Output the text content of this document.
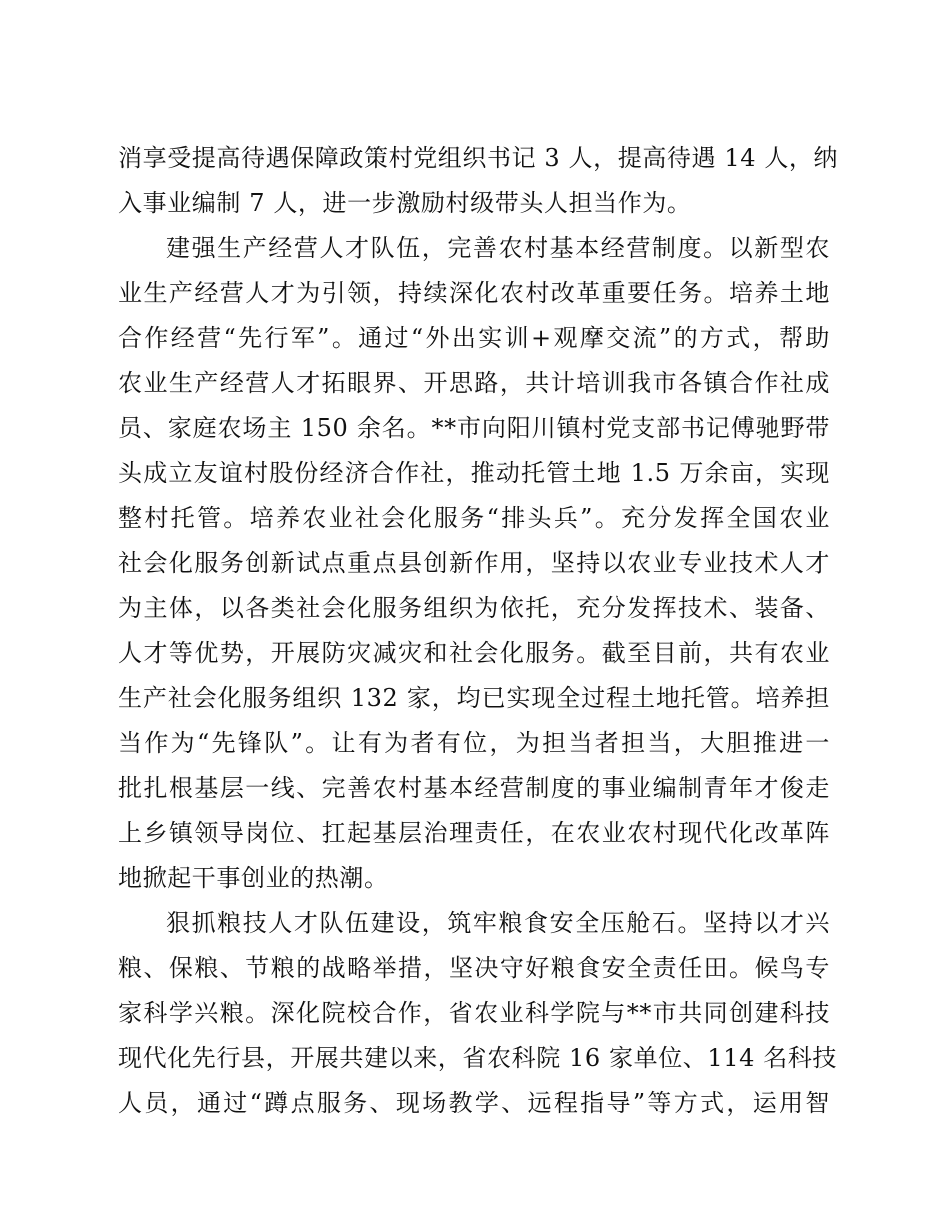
消享受提高待遇保障政策村党组织书记 3 人，提高待遇 14 人，纳
入事业编制 7 人，进一步激励村级带头人担当作为。
建强生产经营人才队伍，完善农村基本经营制度。以新型农
业生产经营人才为引领，持续深化农村改革重要任务。培养土地
合作经营“先行军”。通过“外出实训+观摩交流”的方式，帮助
农业生产经营人才拓眼界、开思路，共计培训我市各镇合作社成
员、家庭农场主 150 余名。**市向阳川镇村党支部书记傅驰野带
头成立友谊村股份经济合作社，推动托管土地 1.5 万余亩，实现
整村托管。培养农业社会化服务“排头兵”。充分发挥全国农业
社会化服务创新试点重点县创新作用，坚持以农业专业技术人才
为主体，以各类社会化服务组织为依托，充分发挥技术、装备、
人才等优势，开展防灾减灾和社会化服务。截至目前，共有农业
生产社会化服务组织 132 家，均已实现全过程土地托管。培养担
当作为“先锋队”。让有为者有位，为担当者担当，大胆推进一
批扎根基层一线、完善农村基本经营制度的事业编制青年才俊走
上乡镇领导岗位、扛起基层治理责任，在农业农村现代化改革阵
地掀起干事创业的热潮。
狠抓粮技人才队伍建设，筑牢粮食安全压舱石。坚持以才兴
粮、保粮、节粮的战略举措，坚决守好粮食安全责任田。候鸟专
家科学兴粮。深化院校合作，省农业科学院与**市共同创建科技
现代化先行县，开展共建以来，省农科院 16 家单位、114 名科技
人员，通过“蹲点服务、现场教学、远程指导”等方式，运用智
